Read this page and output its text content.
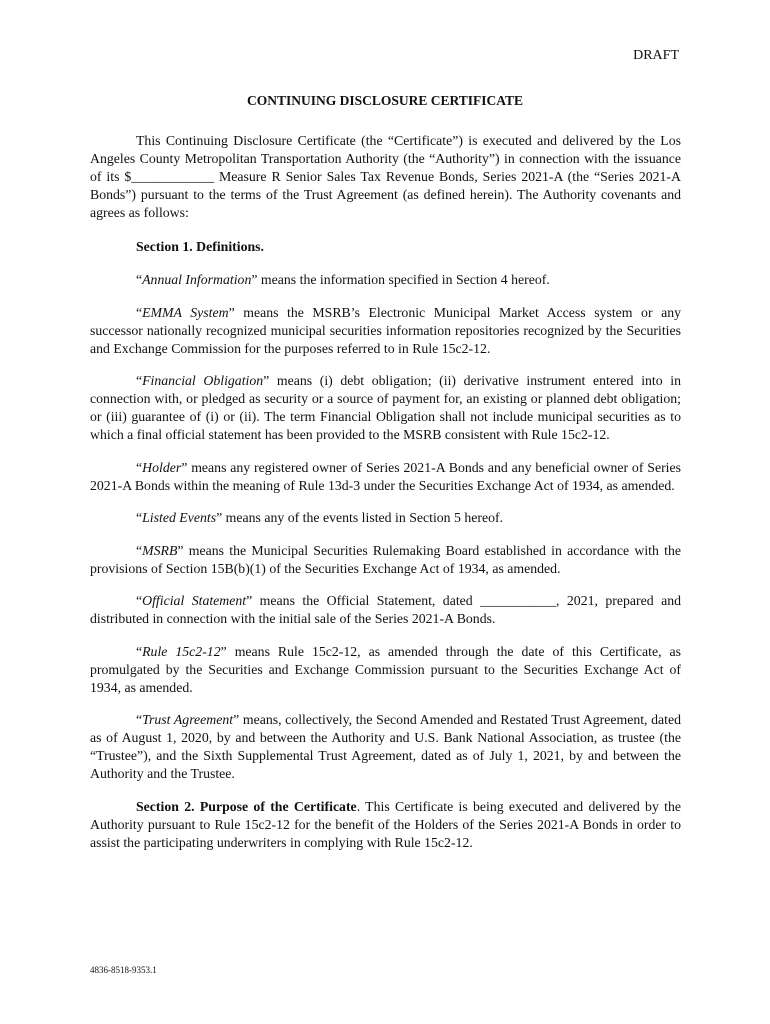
DRAFT
CONTINUING DISCLOSURE CERTIFICATE

This Continuing Disclosure Certificate (the “Certificate”) is executed and delivered by the Los Angeles County Metropolitan Transportation Authority (the “Authority”) in connection with the issuance of its $____________ Measure R Senior Sales Tax Revenue Bonds, Series 2021-A (the “Series 2021-A Bonds”) pursuant to the terms of the Trust Agreement (as defined herein). The Authority covenants and agrees as follows:

Section 1. Definitions.

“Annual Information” means the information specified in Section 4 hereof.

“EMMA System” means the MSRB’s Electronic Municipal Market Access system or any successor nationally recognized municipal securities information repositories recognized by the Securities and Exchange Commission for the purposes referred to in Rule 15c2-12.

“Financial Obligation” means (i) debt obligation; (ii) derivative instrument entered into in connection with, or pledged as security or a source of payment for, an existing or planned debt obligation; or (iii) guarantee of (i) or (ii). The term Financial Obligation shall not include municipal securities as to which a final official statement has been provided to the MSRB consistent with Rule 15c2-12.

“Holder” means any registered owner of Series 2021-A Bonds and any beneficial owner of Series 2021-A Bonds within the meaning of Rule 13d-3 under the Securities Exchange Act of 1934, as amended.

“Listed Events” means any of the events listed in Section 5 hereof.

“MSRB” means the Municipal Securities Rulemaking Board established in accordance with the provisions of Section 15B(b)(1) of the Securities Exchange Act of 1934, as amended.

“Official Statement” means the Official Statement, dated ___________, 2021, prepared and distributed in connection with the initial sale of the Series 2021-A Bonds.

“Rule 15c2-12” means Rule 15c2-12, as amended through the date of this Certificate, as promulgated by the Securities and Exchange Commission pursuant to the Securities Exchange Act of 1934, as amended.

“Trust Agreement” means, collectively, the Second Amended and Restated Trust Agreement, dated as of August 1, 2020, by and between the Authority and U.S. Bank National Association, as trustee (the “Trustee”), and the Sixth Supplemental Trust Agreement, dated as of July 1, 2021, by and between the Authority and the Trustee.

Section 2. Purpose of the Certificate. This Certificate is being executed and delivered by the Authority pursuant to Rule 15c2-12 for the benefit of the Holders of the Series 2021-A Bonds in order to assist the participating underwriters in complying with Rule 15c2-12.

4836-8518-9353.1
